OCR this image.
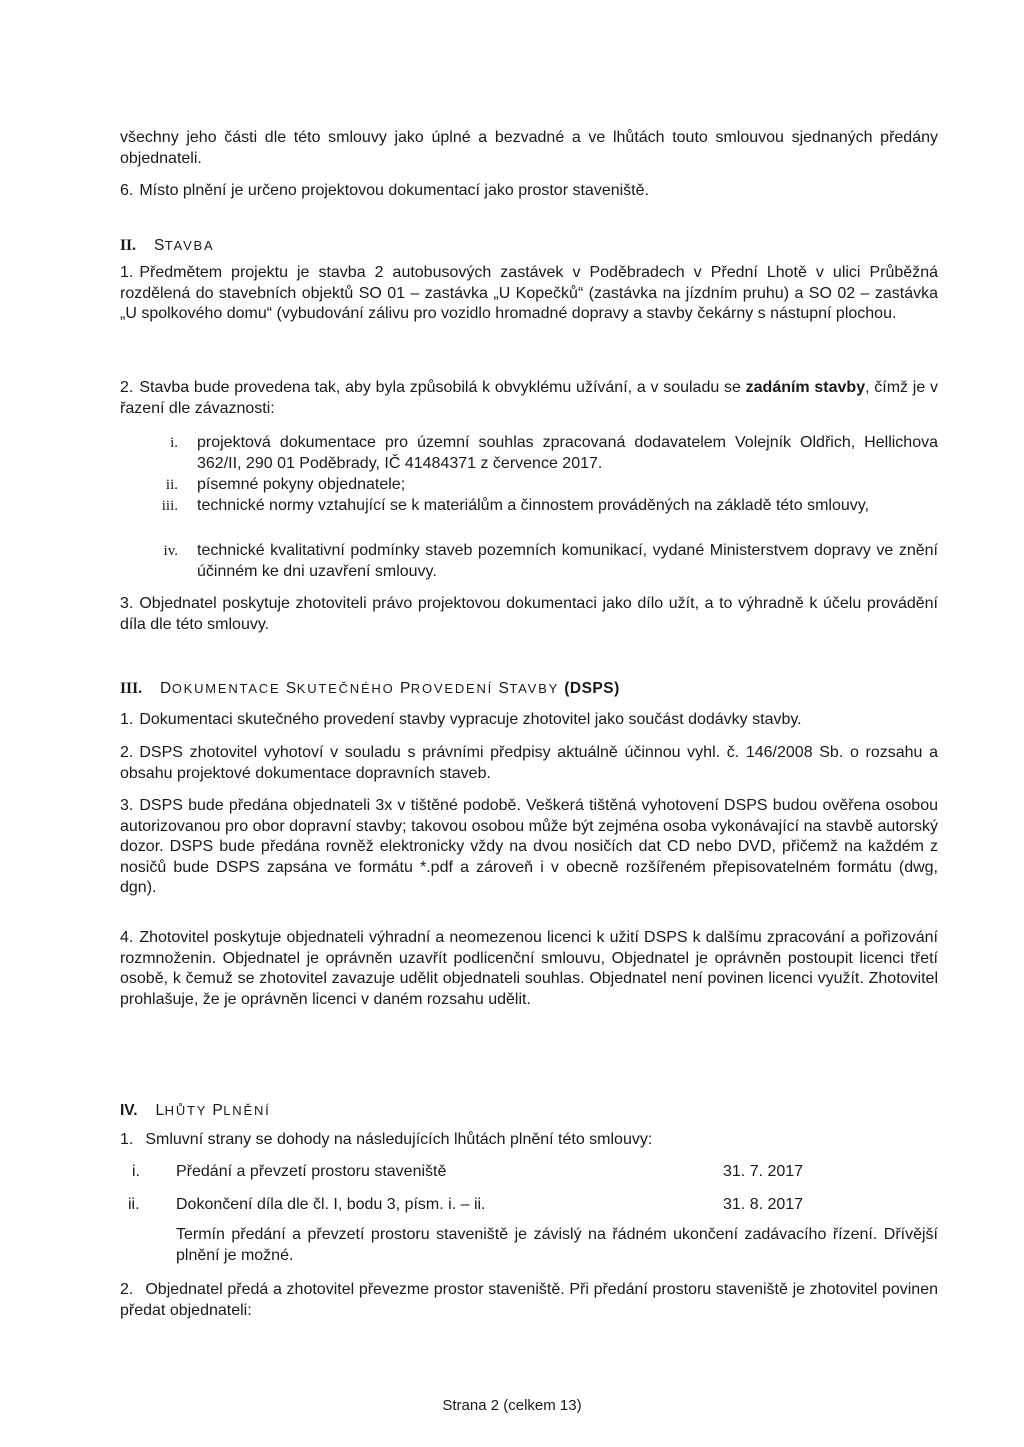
všechny jeho části dle této smlouvy jako úplné a bezvadné a ve lhůtách touto smlouvou sjednaných předány objednateli.

6. Místo plnění je určeno projektovou dokumentací jako prostor staveniště.

II. STAVBA

1. Předmětem projektu je stavba 2 autobusových zastávek v Poděbradech v Přední Lhotě v ulici Průběžná rozdělená do stavebních objektů SO 01 – zastávka „U Kopečků“ (zastávka na jízdním pruhu) a SO 02 – zastávka „U spolkového domu“ (vybudování zálivu pro vozidlo hromadné dopravy a stavby čekárny s nástupní plochou.

2. Stavba bude provedena tak, aby byla způsobilá k obvyklému užívání, a v souladu se zadáním stavby, čímž je v řazení dle závaznosti:

i. projektová dokumentace pro územní souhlas zpracovaná dodavatelem Volejník Oldřich, Hellichova 362/II, 290 01 Poděbrady, IČ 41484371 z července 2017.
ii. písemné pokyny objednatele;
iii. technické normy vztahující se k materiálům a činnostem prováděných na základě této smlouvy,
iv. technické kvalitativní podmínky staveb pozemních komunikací, vydané Ministerstvem dopravy ve znění účinném ke dni uzavření smlouvy.

3. Objednatel poskytuje zhotoviteli právo projektovou dokumentaci jako dílo užít, a to výhradně k účelu provádění díla dle této smlouvy.

III. DOKUMENTACE SKUTEČNÉHO PROVEDENÍ STAVBY (DSPS)

1. Dokumentaci skutečného provedení stavby vypracuje zhotovitel jako součást dodávky stavby.

2. DSPS zhotovitel vyhotoví v souladu s právními předpisy aktuálně účinnou vyhl. č. 146/2008 Sb. o rozsahu a obsahu projektové dokumentace dopravních staveb.

3. DSPS bude předána objednateli 3x v tištěné podobě. Veškerá tištěná vyhotovení DSPS budou ověřena osobou autorizovanou pro obor dopravní stavby; takovou osobou může být zejména osoba vykonávající na stavbě autorský dozor. DSPS bude předána rovněž elektronicky vždy na dvou nosičích dat CD nebo DVD, přičemž na každém z nosičů bude DSPS zapsána ve formátu *.pdf a zároveň i v obecně rozšířeném přepisovatelném formátu (dwg, dgn).

4. Zhotovitel poskytuje objednateli výhradní a neomezenou licenci k užití DSPS k dalšímu zpracování a pořizování rozmnoženin. Objednatel je oprávněn uzavřít podlicenční smlouvu, Objednatel je oprávněn postoupit licenci třetí osobě, k čemuž se zhotovitel zavazuje udělit objednateli souhlas. Objednatel není povinen licenci využít. Zhotovitel prohlašuje, že je oprávněn licenci v daném rozsahu udělit.

IV. LHŮTY PLNĚNÍ

1. Smluvní strany se dohody na následujících lhůtách plnění této smlouvy:

i. Předání a převzetí prostoru staveniště	31. 7. 2017
ii. Dokončení díla dle čl. I, bodu 3, písm. i. – ii.	31. 8. 2017

Termín předání a převzetí prostoru staveniště je závislý na řádném ukončení zadávacího řízení. Dřívější plnění je možné.

2. Objednatel předá a zhotovitel převezme prostor staveniště. Při předání prostoru staveniště je zhotovitel povinen předat objednateli:

Strana 2 (celkem 13)
